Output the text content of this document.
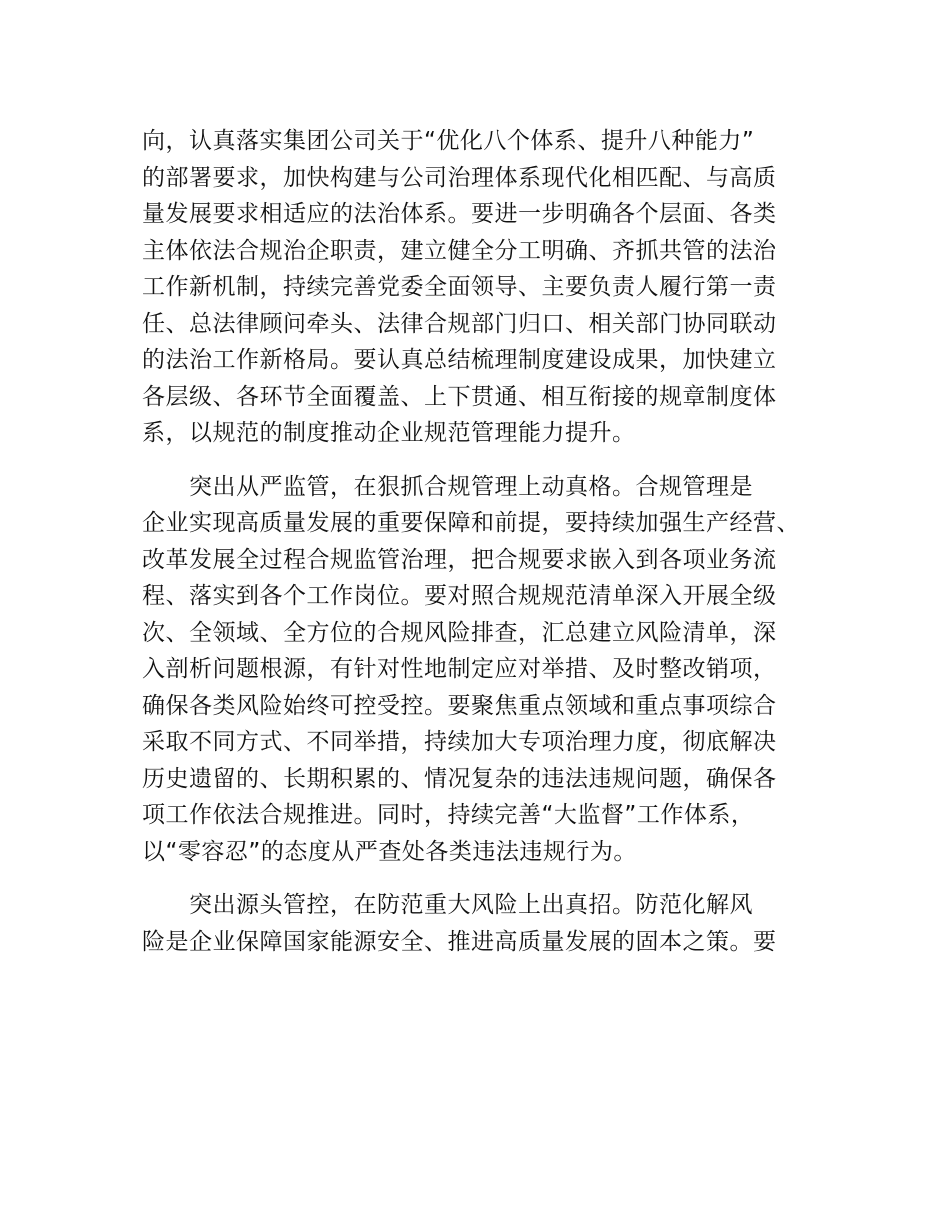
向，认真落实集团公司关于“优化八个体系、提升八种能力”
的部署要求，加快构建与公司治理体系现代化相匹配、与高质
量发展要求相适应的法治体系。要进一步明确各个层面、各类
主体依法合规治企职责，建立健全分工明确、齐抓共管的法治
工作新机制，持续完善党委全面领导、主要负责人履行第一责
任、总法律顾问牵头、法律合规部门归口、相关部门协同联动
的法治工作新格局。要认真总结梳理制度建设成果，加快建立
各层级、各环节全面覆盖、上下贯通、相互衔接的规章制度体
系，以规范的制度推动企业规范管理能力提升。
突出从严监管，在狠抓合规管理上动真格。合规管理是
企业实现高质量发展的重要保障和前提，要持续加强生产经营、
改革发展全过程合规监管治理，把合规要求嵌入到各项业务流
程、落实到各个工作岗位。要对照合规规范清单深入开展全级
次、全领域、全方位的合规风险排查，汇总建立风险清单，深
入剖析问题根源，有针对性地制定应对举措、及时整改销项，
确保各类风险始终可控受控。要聚焦重点领域和重点事项综合
采取不同方式、不同举措，持续加大专项治理力度，彻底解决
历史遗留的、长期积累的、情况复杂的违法违规问题，确保各
项工作依法合规推进。同时，持续完善“大监督”工作体系，
以“零容忍”的态度从严查处各类违法违规行为。
突出源头管控，在防范重大风险上出真招。防范化解风
险是企业保障国家能源安全、推进高质量发展的固本之策。要
